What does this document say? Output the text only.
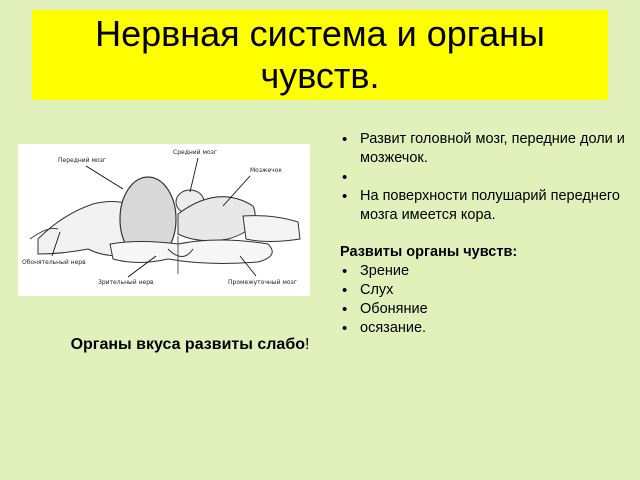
Нервная система и органы чувств.
Передний мозг
Средний мозг
Мозжечок
Обонятельный нерв
Зрительный нерв	Промежуточный мозг
• Развит головной мозг, передние доли и мозжечок.
•
• На поверхности полушарий переднего мозга имеется кора.
Развиты органы чувств:
• Зрение
• Слух
• Обоняние
• осязание.
Органы вкуса развиты слабо!
